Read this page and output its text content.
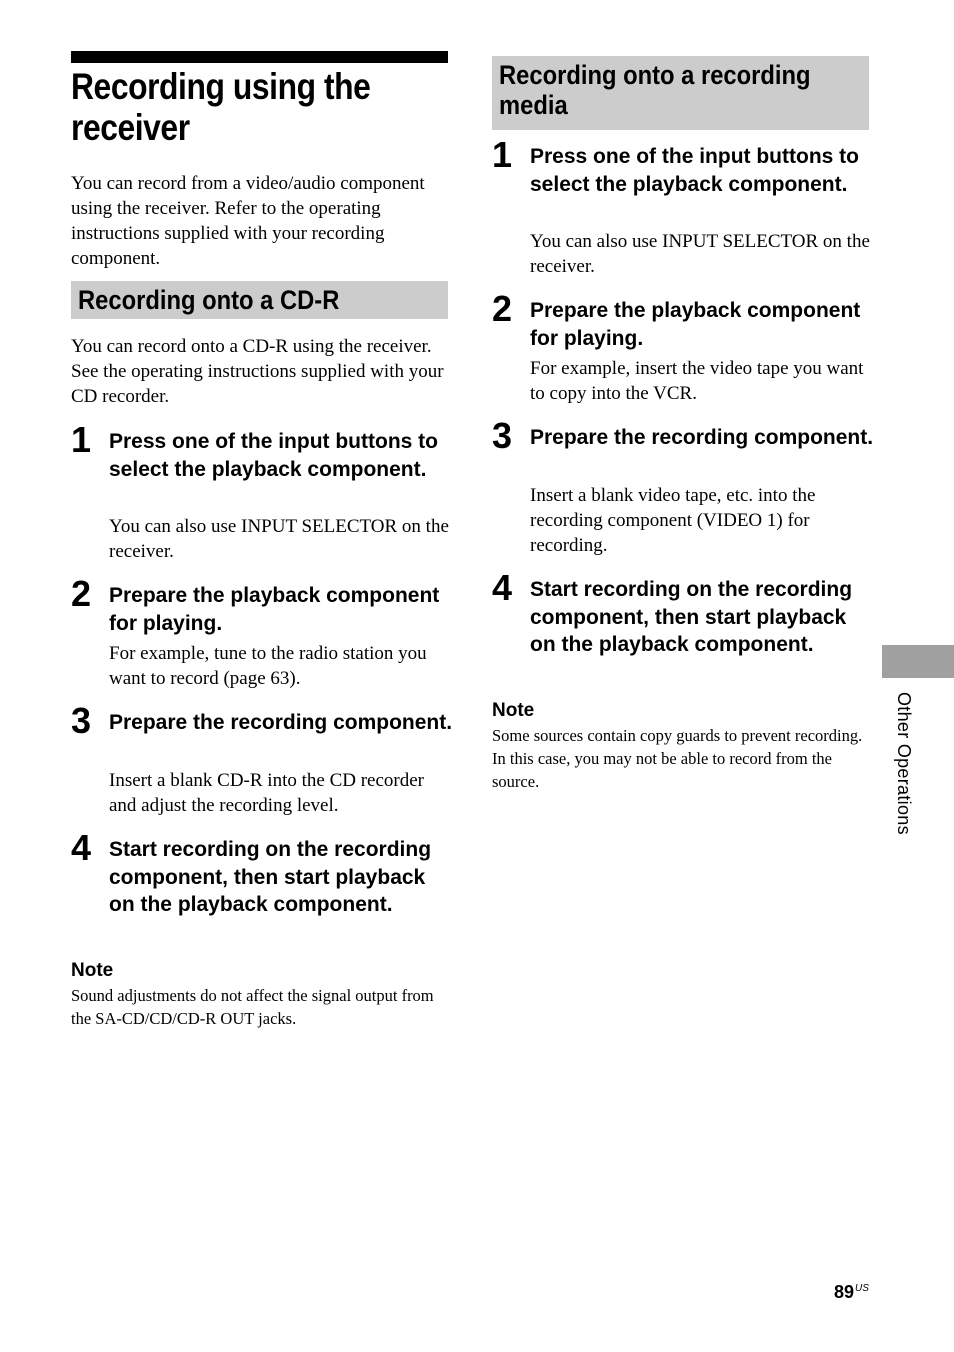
Recording using the receiver

You can record from a video/audio component using the receiver. Refer to the operating instructions supplied with your recording component.

Recording onto a CD-R

You can record onto a CD-R using the receiver. See the operating instructions supplied with your CD recorder.

1 Press one of the input buttons to select the playback component.

You can also use INPUT SELECTOR on the receiver.

2 Prepare the playback component for playing.

For example, tune to the radio station you want to record (page 63).

3 Prepare the recording component.

Insert a blank CD-R into the CD recorder and adjust the recording level.

4 Start recording on the recording component, then start playback on the playback component.

Note

Sound adjustments do not affect the signal output from the SA-CD/CD/CD-R OUT jacks.

Recording onto a recording
media
1 Press one of the input buttons to select the playback component.

You can also use INPUT SELECTOR on the receiver.

2 Prepare the playback component for playing.

For example, insert the video tape you want to copy into the VCR.

3 Prepare the recording component.

Insert a blank video tape, etc. into the recording component (VIDEO 1) for recording.

4 Start recording on the recording component, then start playback on the playback component.

Note

Some sources contain copy guards to prevent recording. In this case, you may not be able to record from the source.	Other Operations
$89^{US}$
